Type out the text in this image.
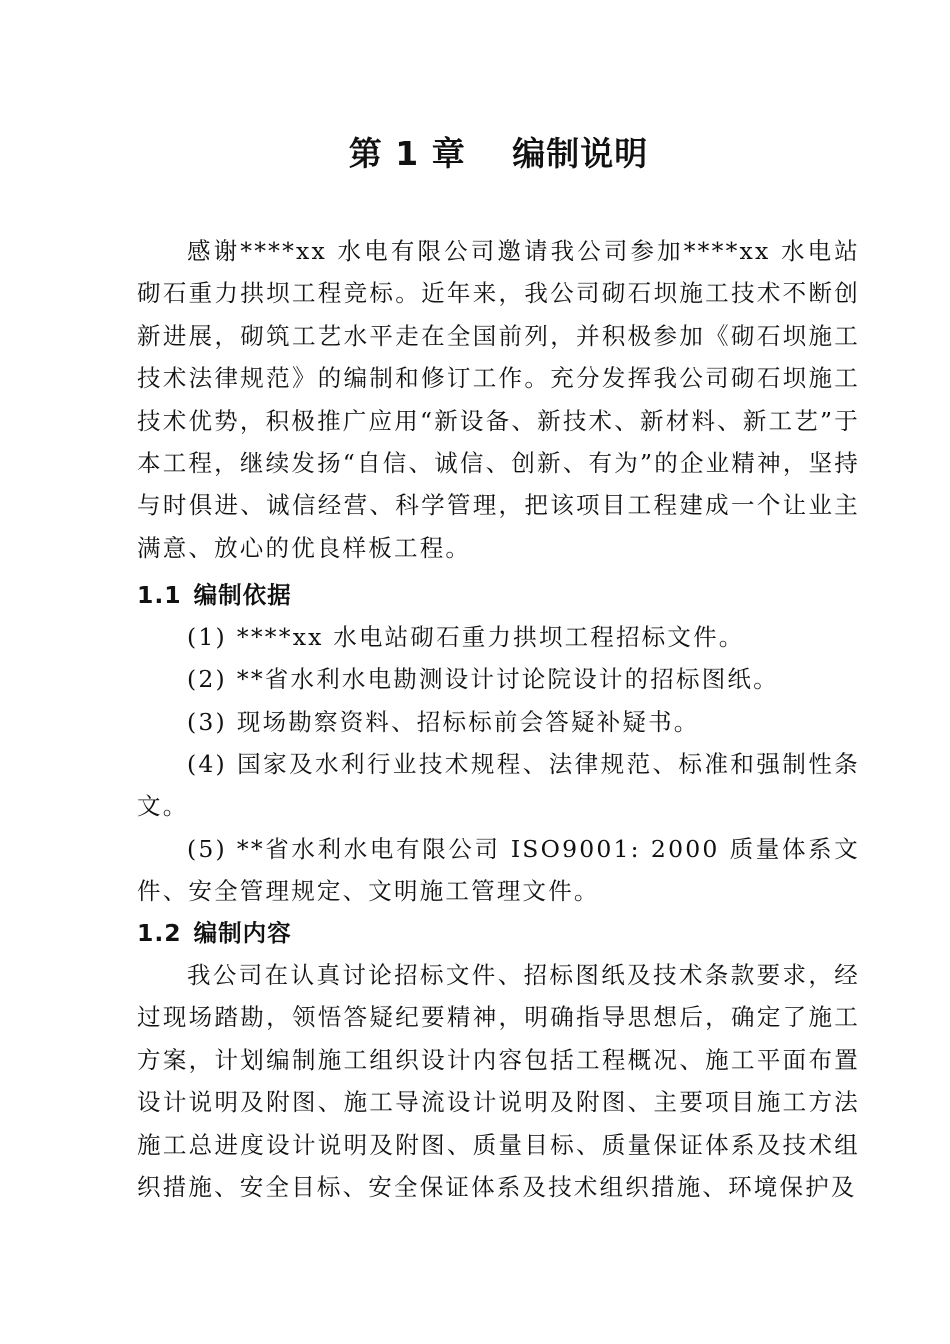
第 1 章　 编制说明
感谢****xx 水电有限公司邀请我公司参加****xx 水电站砌石重力拱坝工程竞标。近年来，我公司砌石坝施工技术不断创新进展，砌筑工艺水平走在全国前列，并积极参加《砌石坝施工技术法律规范》的编制和修订工作。充分发挥我公司砌石坝施工技术优势，积极推广应用“新设备、新技术、新材料、新工艺”于本工程，继续发扬“自信、诚信、创新、有为”的企业精神，坚持与时俱进、诚信经营、科学管理，把该项目工程建成一个让业主满意、放心的优良样板工程。
1.1 编制依据
(1) ****xx 水电站砌石重力拱坝工程招标文件。
(2) **省水利水电勘测设计讨论院设计的招标图纸。
(3) 现场勘察资料、招标标前会答疑补疑书。
(4) 国家及水利行业技术规程、法律规范、标准和强制性条文。
(5) **省水利水电有限公司 ISO9001: 2000 质量体系文件、安全管理规定、文明施工管理文件。
1.2 编制内容
我公司在认真讨论招标文件、招标图纸及技术条款要求，经过现场踏勘，领悟答疑纪要精神，明确指导思想后，确定了施工方案，计划编制施工组织设计内容包括工程概况、施工平面布置设计说明及附图、施工导流设计说明及附图、主要项目施工方法施工总进度设计说明及附图、质量目标、质量保证体系及技术组织措施、安全目标、安全保证体系及技术组织措施、环境保护及
